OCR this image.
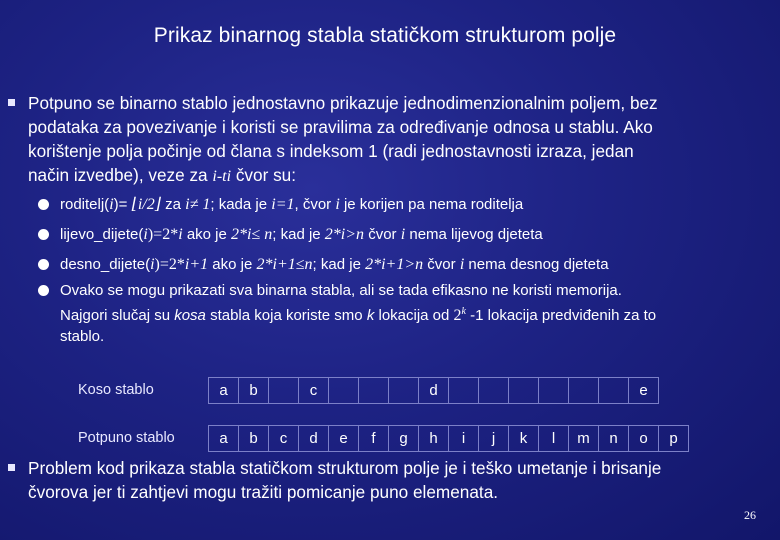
Prikaz binarnog stabla statičkom strukturom polje
Potpuno se binarno stablo jednostavno prikazuje jednodimenzionalnim poljem, bez
podataka za povezivanje i koristi se pravilima za određivanje odnosa u stablu. Ako
korištenje polja počinje od člana s indeksom 1 (radi jednostavnosti izraza, jedan
način izvedbe), veze za i-ti čvor su:
roditelj(i)= ⌊i/2⌋ za i≠ 1; kada je i=1, čvor i je korijen pa nema roditelja
lijevo_dijete(i)=2*i ako je 2*i≤ n; kad je 2*i>n čvor i nema lijevog djeteta
desno_dijete(i)=2*i+1 ako je 2*i+1≤n; kad je 2*i+1>n čvor i nema desnog djeteta
Ovako se mogu prikazati sva binarna stabla, ali se tada efikasno ne koristi memorija.
Najgori slučaj su kosa stabla koja koriste smo k lokacija od 2$^k$ -1 lokacija predviđenih za to
stablo.
Koso stablo	a	b		c				d							e
Potpuno stablo	a	b	c	d	e	f	g	h	i	j	k	l	m	n	o	p
Problem kod prikaza stabla statičkom strukturom polje je i teško umetanje i brisanje
čvorova jer ti zahtjevi mogu tražiti pomicanje puno elemenata.
26
